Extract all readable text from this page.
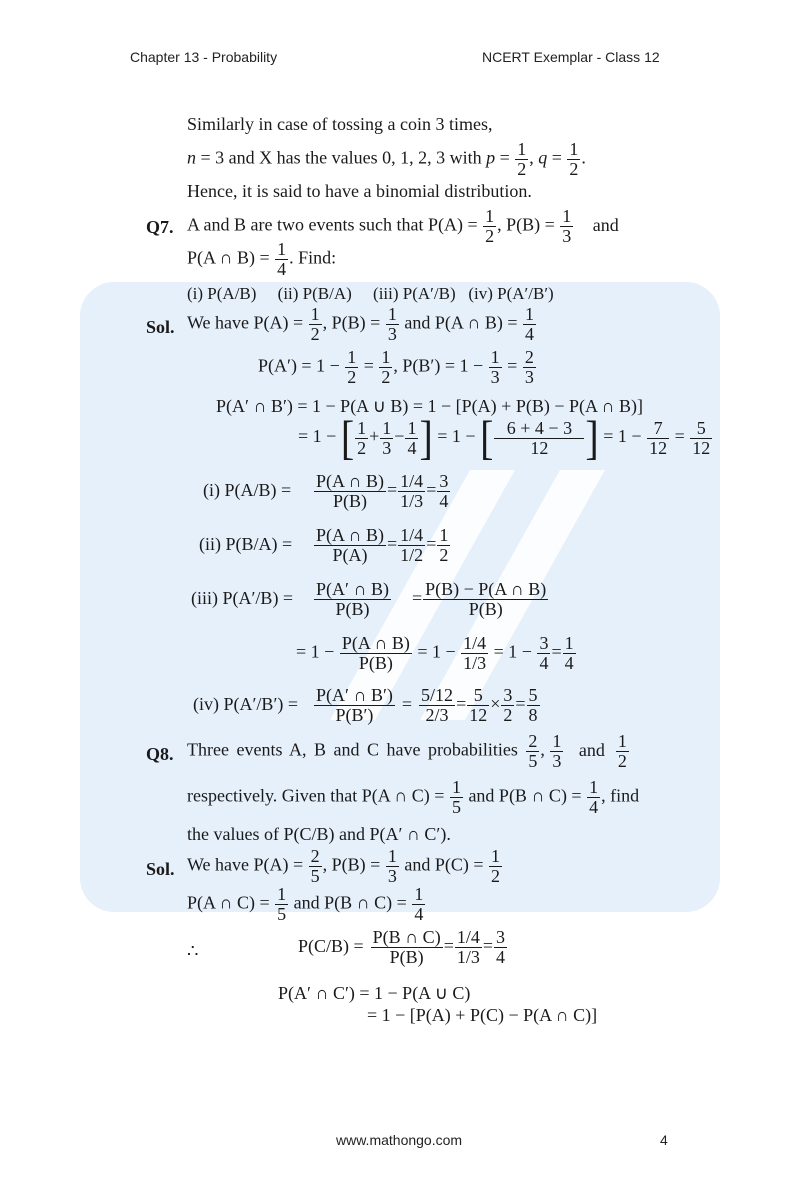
Chapter 13 - Probability	NCERT Exemplar - Class 12
Similarly in case of tossing a coin 3 times,
n = 3 and X has the values 0, 1, 2, 3 with $p = \frac{1}{2}$ , $q = \frac{1}{2}$ .
Hence, it is said to have a binomial distribution.
Q7. A and B are two events such that $P(A) = \frac{1}{2}$ , $P(B) = \frac{1}{3}$ and
P(A ∩ $B) = \frac{1}{4}$ . Find:
(i) P(A/B)     (ii) P(B/A)     (iii) P(A′/B)   (iv) P(A′/B′)
Sol. We have $P(A) = \frac{1}{2}$ , $P(B) = \frac{1}{3}$ and P(A ∩ $B) = \frac{1}{4}$
$P(A') = 1 - \frac{1}{2} = \frac{1}{2}$ , $P(B') = 1 - \frac{1}{3} = \frac{2}{3}$
P(A′ ∩ B′) = 1 − P(A ∪ B) = 1 − [P(A) + P(B) − P(A ∩ B)]
= 1 − [ $\frac{1}{2} + \frac{1}{3} - \frac{1}{4}$ ] = 1 − [ $\frac{6 + 4 - 3}{12}$ ] = $1 - \frac{7}{12} = \frac{5}{12}$
(i) $P(A/B) = \frac{P(A \cap B)}{P(B)} = \frac{1/4}{1/3} = \frac{3}{4}$
(ii) $P(B/A) = \frac{P(A \cap B)}{P(A)} = \frac{1/4}{1/2} = \frac{1}{2}$
(iii) $P(A'/B) = \frac{P(A' \cap B)}{P(B)} = \frac{P(B) - P(A \cap B)}{P(B)}$
= $1 - \frac{P(A \cap B)}{P(B)} = 1 - \frac{1/4}{1/3} = 1 - \frac{3}{4} = \frac{1}{4}$
(iv) $P(A'/B') = \frac{P(A' \cap B')}{P(B')} = \frac{5/12}{2/3} = \frac{5}{12} \times \frac{3}{2} = \frac{5}{8}$
Q8. Three events A, B and C have probabilities $\frac{2}{5}$ , $\frac{1}{3}$ and $\frac{1}{2}$
respectively. Given that P(A ∩ $C) = \frac{1}{5}$ and P(B ∩ $C) = \frac{1}{4}$ , find
the values of P(C/B) and P(A′ ∩ C′).
Sol. We have $P(A) = \frac{2}{5}$ , $P(B) = \frac{1}{3}$ and $P(C) = \frac{1}{2}$
P(A ∩ $C) = \frac{1}{5}$ and P(B ∩ $C) = \frac{1}{4}$
∴	$P(C/B) = \frac{P(B \cap C)}{P(B)} = \frac{1/4}{1/3} = \frac{3}{4}$
P(A′ ∩ C′) = 1 − P(A ∪ C)
= 1 − [P(A) + P(C) − P(A ∩ C)]
www.mathongo.com	4
